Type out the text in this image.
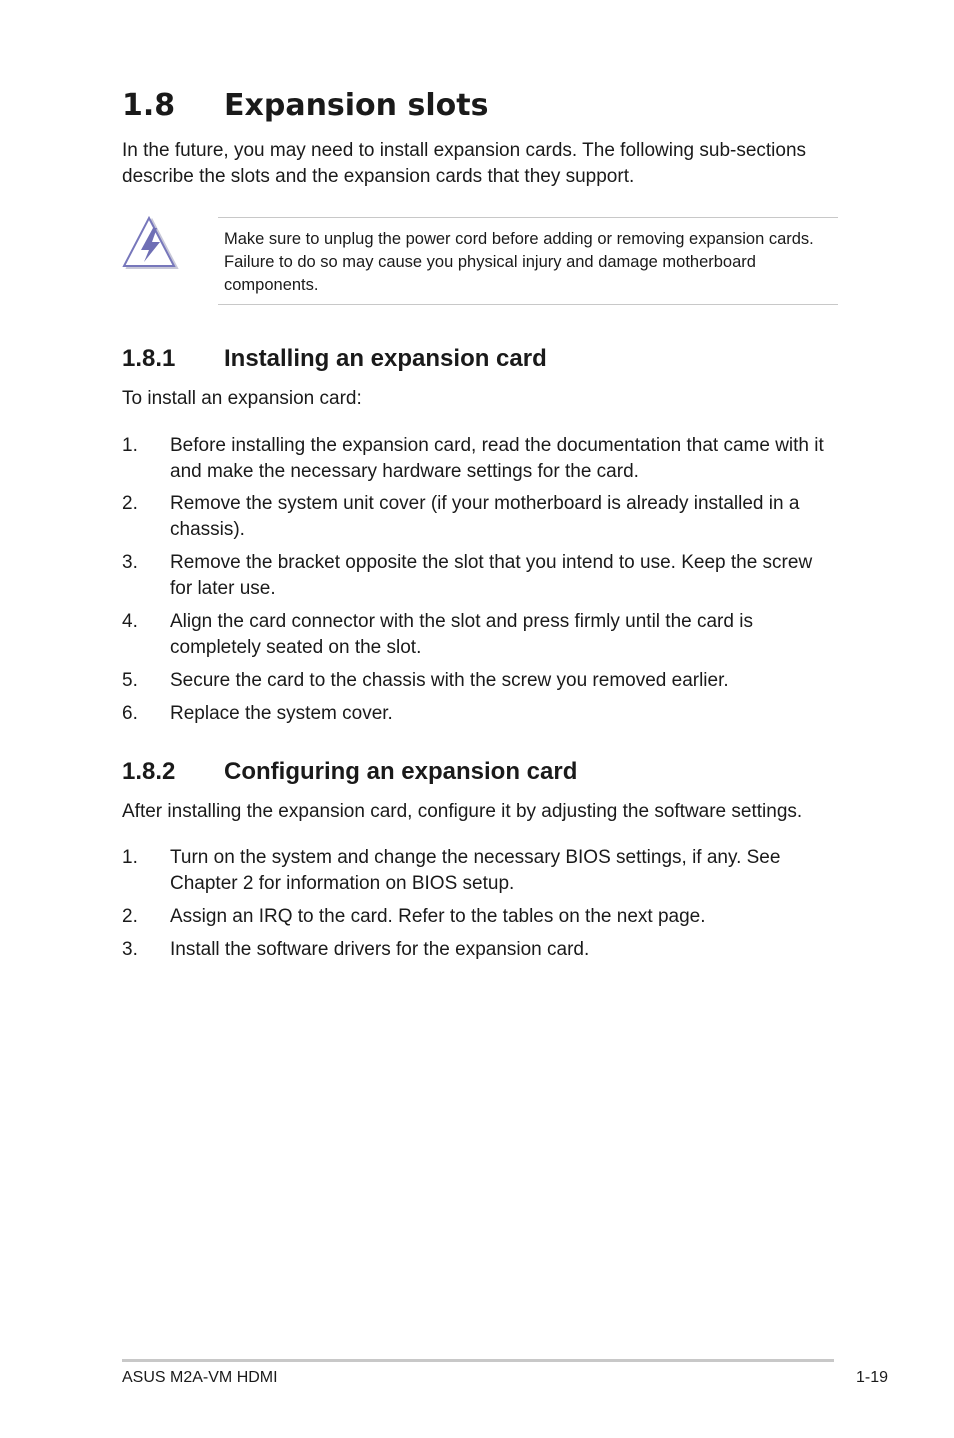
1.8 Expansion slots

In the future, you may need to install expansion cards. The following sub-sections describe the slots and the expansion cards that they support.

Make sure to unplug the power cord before adding or removing expansion cards. Failure to do so may cause you physical injury and damage motherboard components.

1.8.1 Installing an expansion card

To install an expansion card:

1. Before installing the expansion card, read the documentation that came with it and make the necessary hardware settings for the card.
2. Remove the system unit cover (if your motherboard is already installed in a chassis).
3. Remove the bracket opposite the slot that you intend to use. Keep the screw for later use.
4. Align the card connector with the slot and press firmly until the card is completely seated on the slot.
5. Secure the card to the chassis with the screw you removed earlier.
6. Replace the system cover.
1.8.2 Configuring an expansion card

After installing the expansion card, configure it by adjusting the software settings.

1. Turn on the system and change the necessary BIOS settings, if any. See Chapter 2 for information on BIOS setup.
2. Assign an IRQ to the card. Refer to the tables on the next page.
3. Install the software drivers for the expansion card.
ASUS M2A-VM HDMI	1-19
